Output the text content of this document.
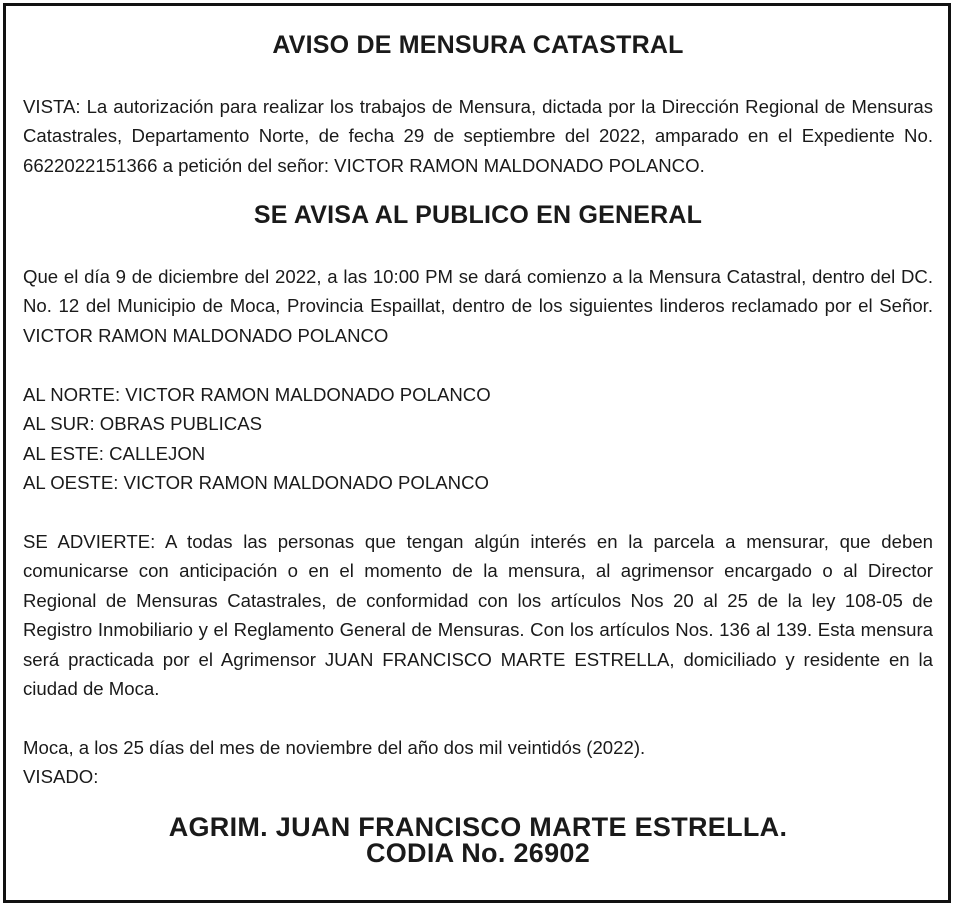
AVISO DE MENSURA CATASTRAL

VISTA: La autorización para realizar los trabajos de Mensura, dictada por la Dirección Regional de Mensuras Catastrales, Departamento Norte, de fecha 29 de septiembre del 2022, amparado en el Expediente No. 6622022151366 a petición del señor: VICTOR RAMON MALDONADO POLANCO.

SE AVISA AL PUBLICO EN GENERAL

Que el día 9 de diciembre del 2022, a las 10:00 PM se dará comienzo a la Mensura Catastral, dentro del DC. No. 12 del Municipio de Moca, Provincia Espaillat, dentro de los siguientes linderos reclamado por el Señor. VICTOR RAMON MALDONADO POLANCO

AL NORTE: VICTOR RAMON MALDONADO POLANCO
AL SUR: OBRAS PUBLICAS
AL ESTE: CALLEJON
AL OESTE: VICTOR RAMON MALDONADO POLANCO

SE ADVIERTE: A todas las personas que tengan algún interés en la parcela a mensurar, que deben comunicarse con anticipación o en el momento de la mensura, al agrimensor encargado o al Director Regional de Mensuras Catastrales, de conformidad con los artículos Nos 20 al 25 de la ley 108-05 de Registro Inmobiliario y el Reglamento General de Mensuras. Con los artículos Nos. 136 al 139. Esta mensura será practicada por el Agrimensor JUAN FRANCISCO MARTE ESTRELLA, domiciliado y residente en la ciudad de Moca.

Moca, a los 25 días del mes de noviembre del año dos mil veintidós (2022).
VISADO:
AGRIM. JUAN FRANCISCO MARTE ESTRELLA.
CODIA No. 26902
